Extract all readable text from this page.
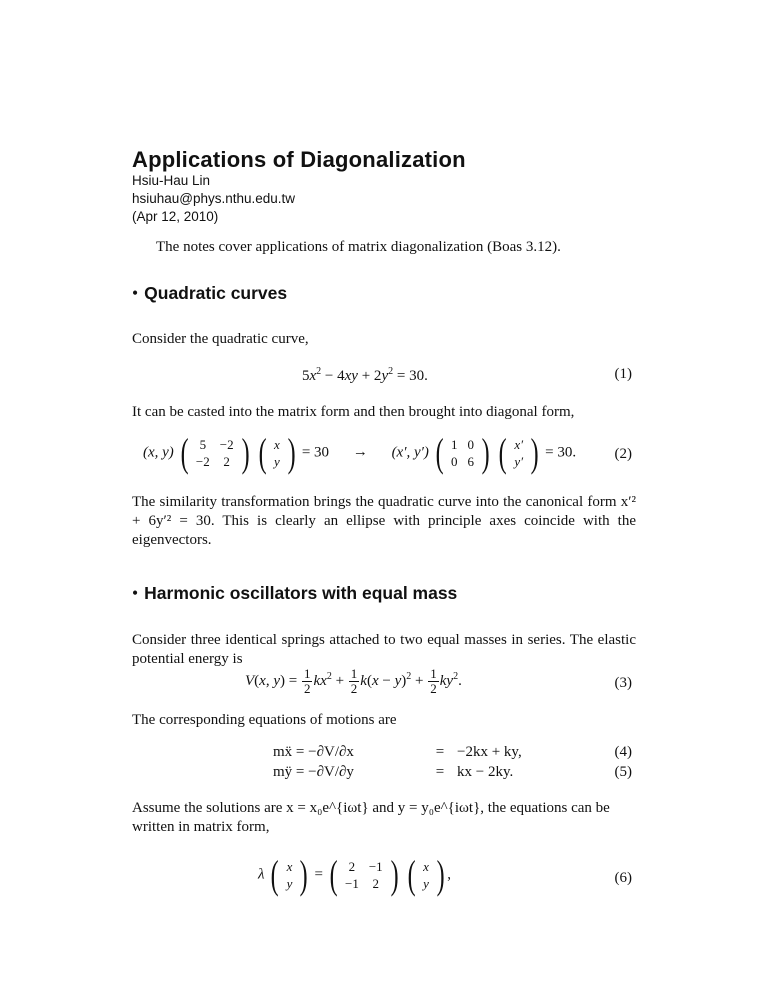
Applications of Diagonalization
Hsiu-Hau Lin
hsiuhau@phys.nthu.edu.tw
(Apr 12, 2010)
The notes cover applications of matrix diagonalization (Boas 3.12).
• Quadratic curves
Consider the quadratic curve,
$5x^2 - 4xy + 2y^2 = 30$.	(1)
It can be casted into the matrix form and then brought into diagonal form,
(x, y) ( 5	−2
−2	2 )
( x
y ) = 30 → (x′, y′) ( 1	0
0	6 )
( x′
y′ ) = 30.	(2)
The similarity transformation brings the quadratic curve into the canonical form x′² + 6y′² = 30. This is clearly an ellipse with principle axes coincide with the eigenvectors.
• Harmonic oscillators with equal mass
Consider three identical springs attached to two equal masses in series. The elastic potential energy is
V(x, $y) = \frac{1}{2} kx^2 + \frac{1}{2} k(x - y)^2 + \frac{1}{2} ky^2$.	(3)
The corresponding equations of motions are
mẍ = −∂V/∂x	= −2kx + ky,	(4)
mÿ = −∂V/∂y	= kx − 2ky.	(5)
Assume the solutions are x = x₀e^{iωt} and y = y₀e^{iωt}, the equations can be
written in matrix form,
λ ( x
y ) = ( 2	−1
−1	2 )
( x
y ) ,	(6)
